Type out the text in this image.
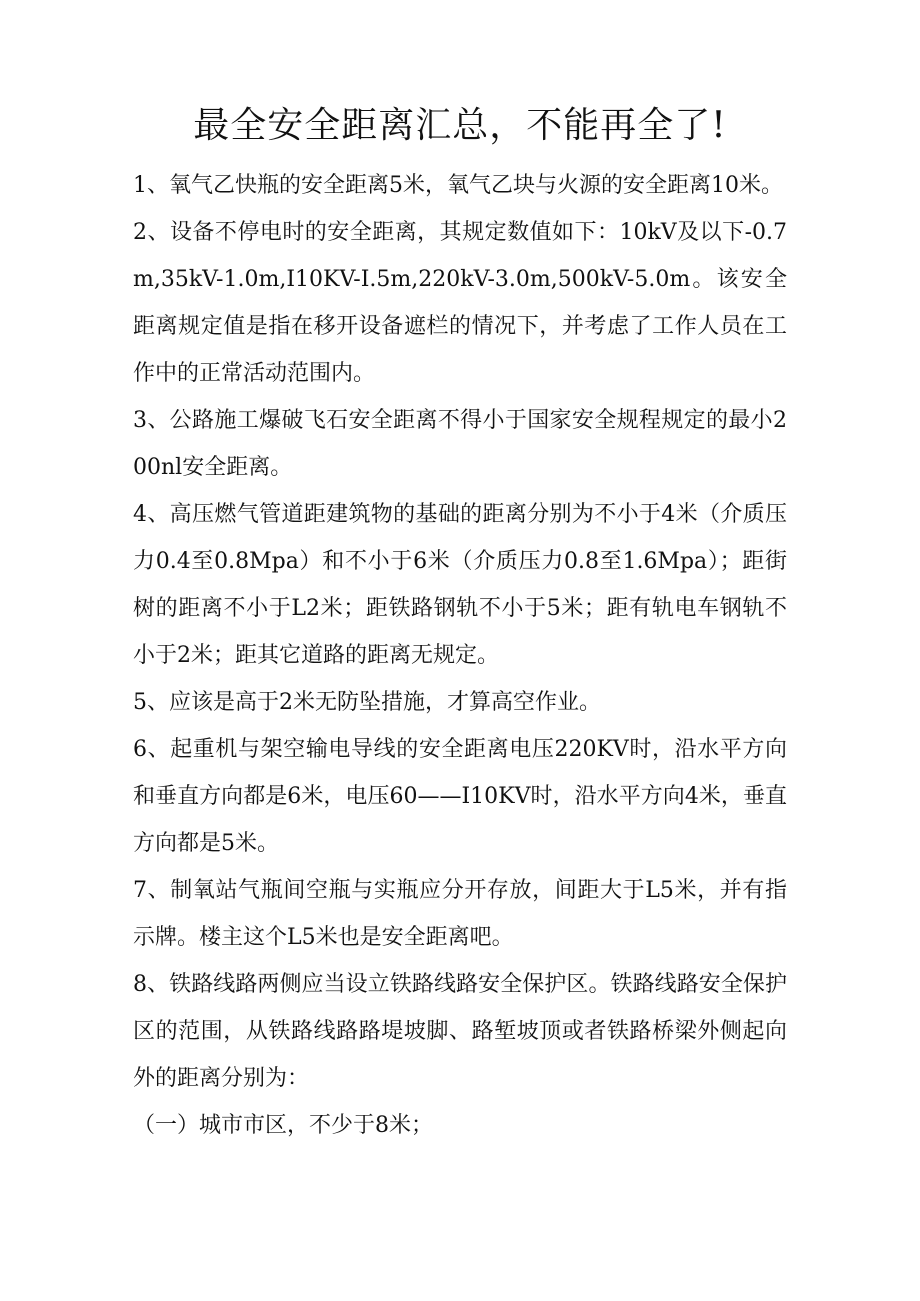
最全安全距离汇总，不能再全了!

1、氧气乙快瓶的安全距离5米，氧气乙块与火源的安全距离10米。

2、设备不停电时的安全距离，其规定数值如下：10kV及以下-0.7m,35kV-1.0m,I10KV-I.5m,220kV-3.0m,500kV-5.0m。该安全距离规定值是指在移开设备遮栏的情况下，并考虑了工作人员在工作中的正常活动范围内。

3、公路施工爆破飞石安全距离不得小于国家安全规程规定的最小200nl安全距离。

4、高压燃气管道距建筑物的基础的距离分别为不小于4米（介质压力0.4至0.8Mpa）和不小于6米（介质压力0.8至1.6Mpa）；距街树的距离不小于L2米；距铁路钢轨不小于5米；距有轨电车钢轨不小于2米；距其它道路的距离无规定。

5、应该是高于2米无防坠措施，才算高空作业。

6、起重机与架空输电导线的安全距离电压220KV时，沿水平方向和垂直方向都是6米，电压60——I10KV时，沿水平方向4米，垂直方向都是5米。

7、制氧站气瓶间空瓶与实瓶应分开存放，间距大于L5米，并有指示牌。楼主这个L5米也是安全距离吧。

8、铁路线路两侧应当设立铁路线路安全保护区。铁路线路安全保护区的范围，从铁路线路路堤坡脚、路堑坡顶或者铁路桥梁外侧起向外的距离分别为：

（一）城市市区，不少于8米；
